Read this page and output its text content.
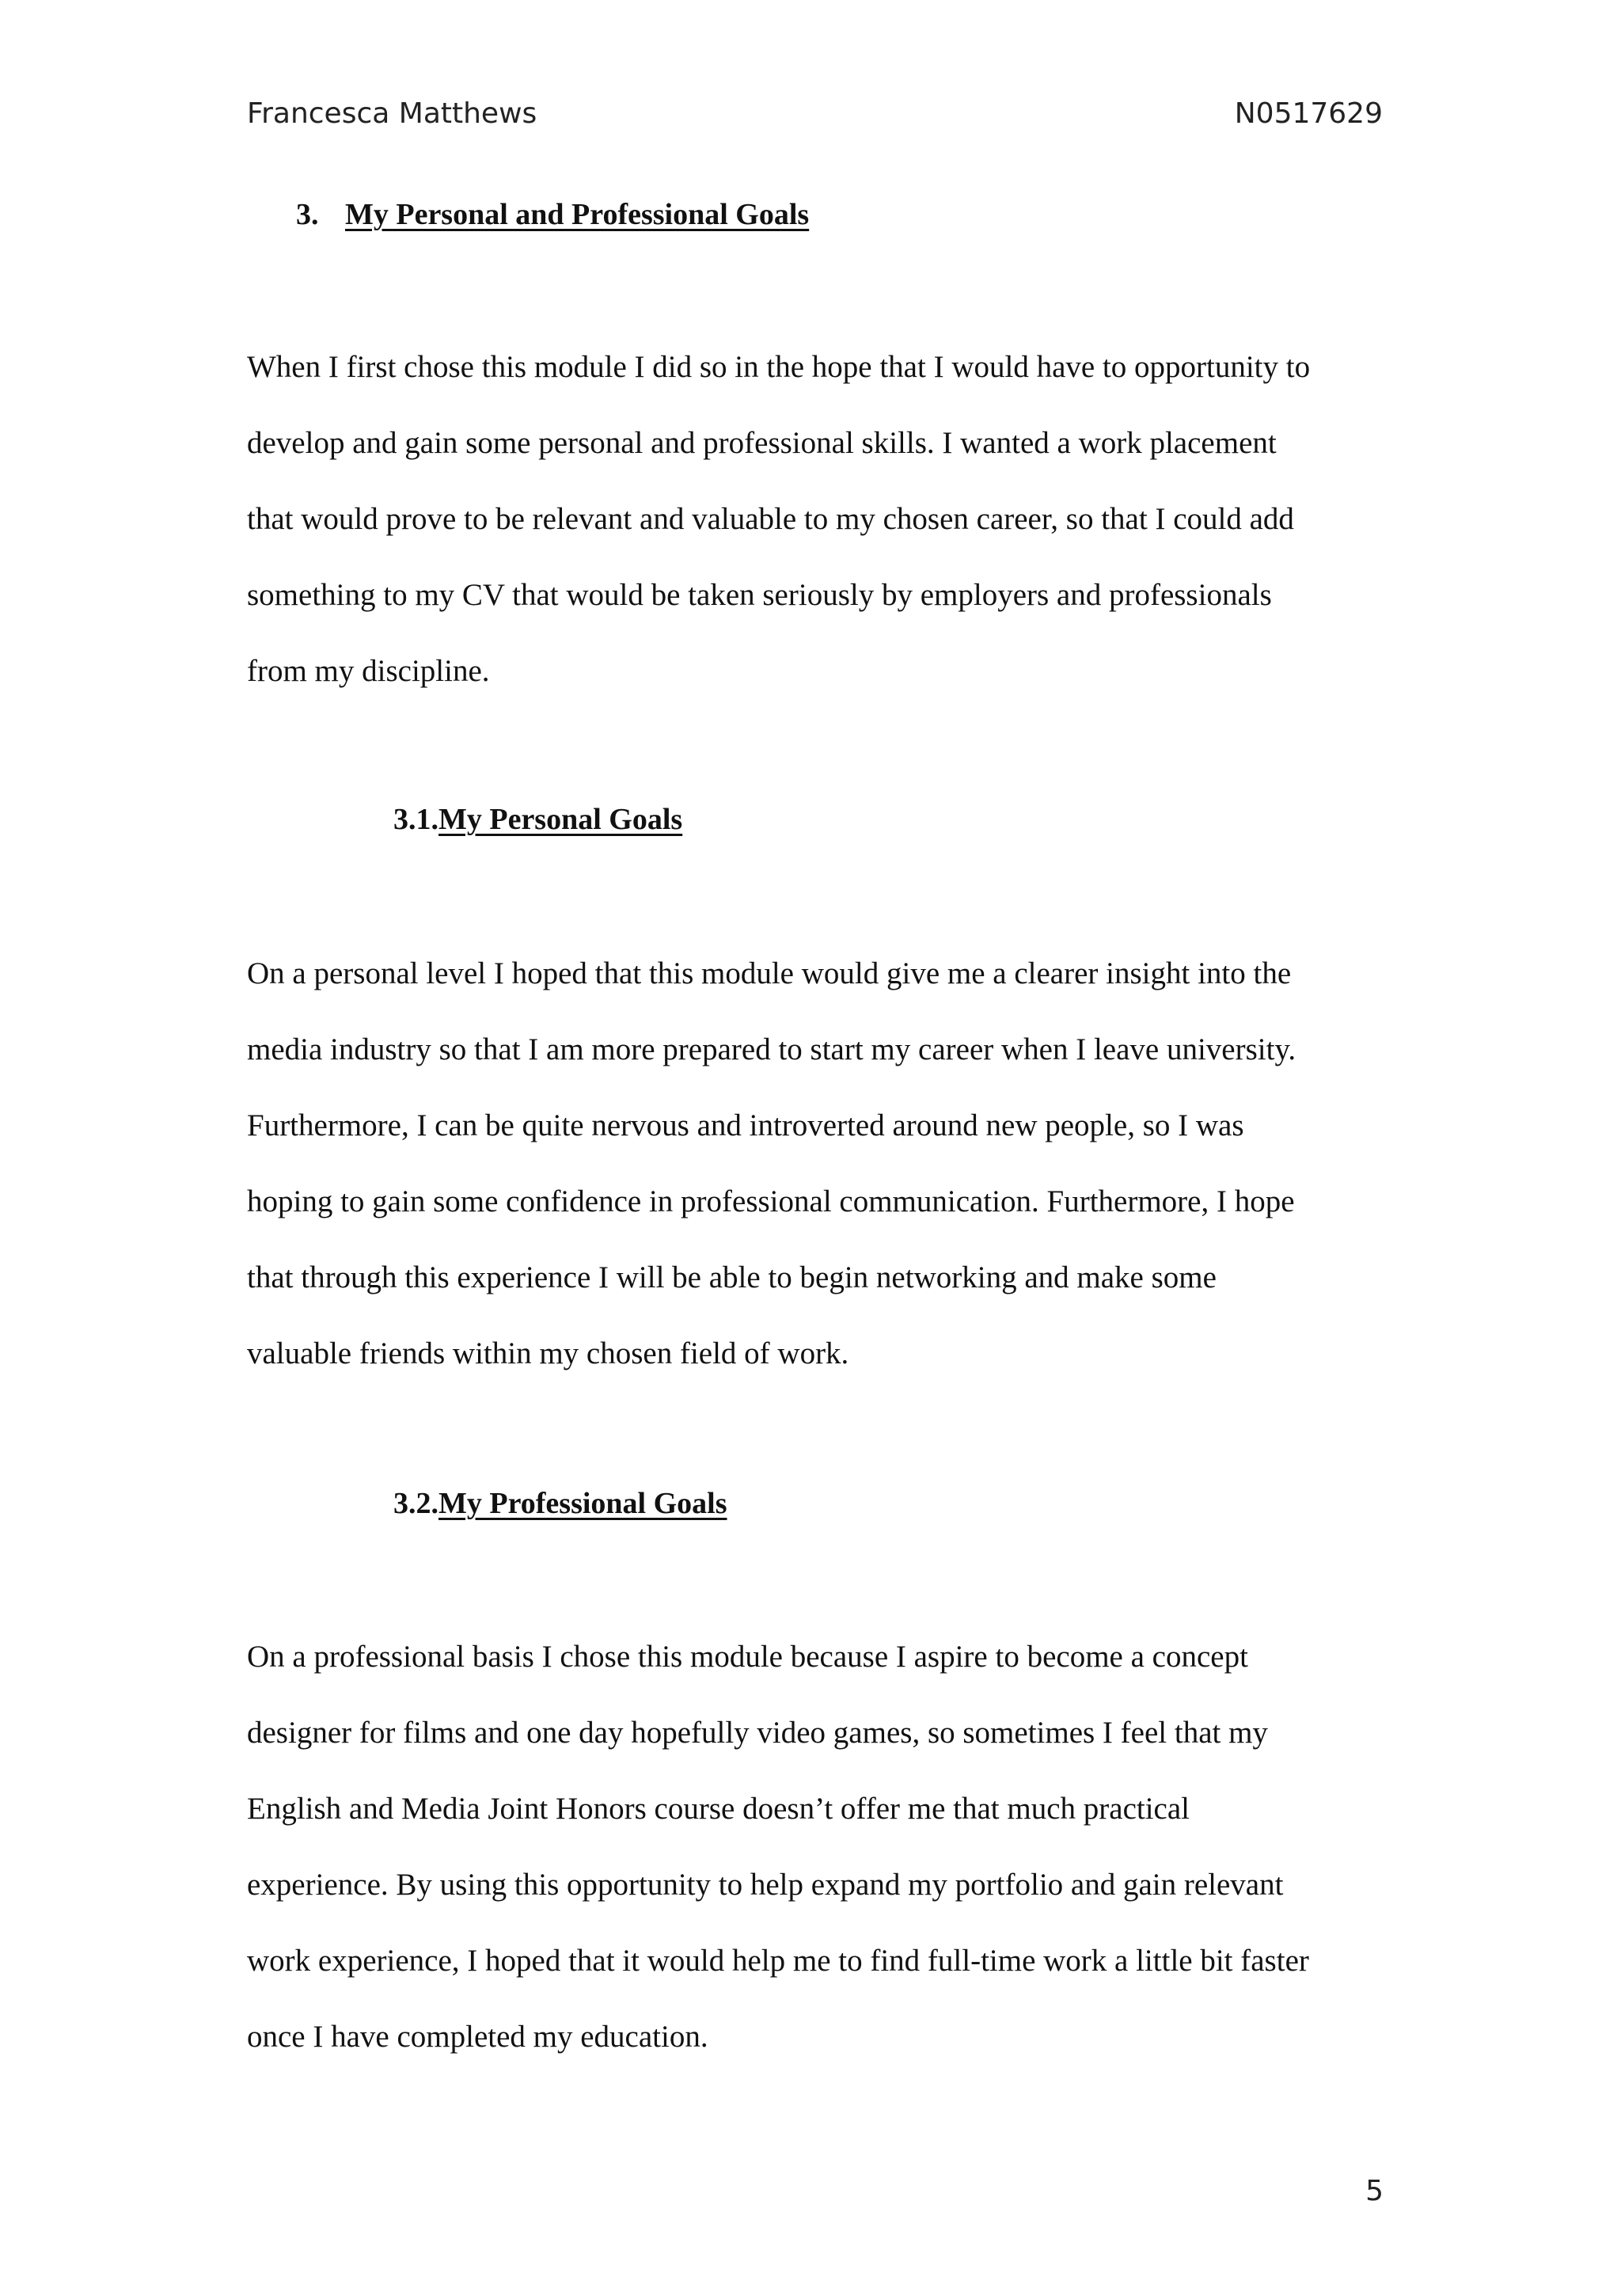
Francesca Matthews	N0517629
3. My Personal and Professional Goals

When I first chose this module I did so in the hope that I would have to opportunity to
develop and gain some personal and professional skills. I wanted a work placement
that would prove to be relevant and valuable to my chosen career, so that I could add
something to my CV that would be taken seriously by employers and professionals
from my discipline.

3.1.My Personal Goals

On a personal level I hoped that this module would give me a clearer insight into the
media industry so that I am more prepared to start my career when I leave university.
Furthermore, I can be quite nervous and introverted around new people, so I was
hoping to gain some confidence in professional communication. Furthermore, I hope
that through this experience I will be able to begin networking and make some
valuable friends within my chosen field of work.

3.2.My Professional Goals

On a professional basis I chose this module because I aspire to become a concept
designer for films and one day hopefully video games, so sometimes I feel that my
English and Media Joint Honors course doesn’t offer me that much practical
experience. By using this opportunity to help expand my portfolio and gain relevant
work experience, I hoped that it would help me to find full-time work a little bit faster
once I have completed my education.

5
